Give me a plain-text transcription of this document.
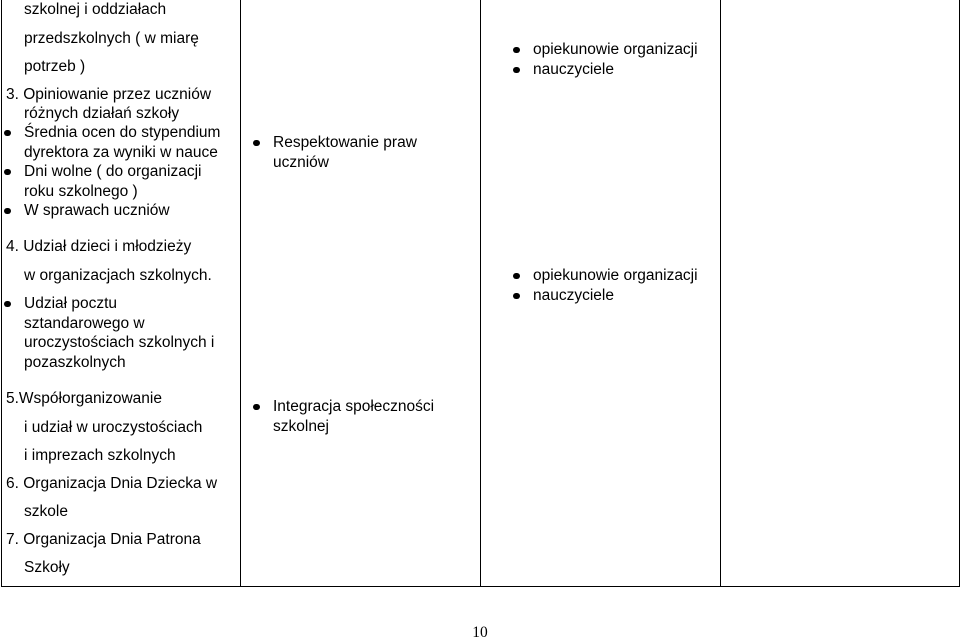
szkolnej i oddziałach
przedszkolnych ( w miarę
potrzeb )
3. Opiniowanie przez uczniów
różnych działań szkoły
Średnia ocen do stypendium
dyrektora za wyniki w nauce
Dni wolne ( do organizacji
roku szkolnego )
W sprawach uczniów
4. Udział dzieci i młodzieży
w organizacjach szkolnych.
Udział pocztu
sztandarowego w
uroczystościach szkolnych i
pozaszkolnych
5.Współorganizowanie
i udział w uroczystościach
i imprezach szkolnych
6. Organizacja Dnia Dziecka w
szkole
7. Organizacja Dnia Patrona
Szkoły
Respektowanie praw
uczniów
Integracja społeczności
szkolnej
opiekunowie organizacji
nauczyciele
opiekunowie organizacji
nauczyciele
10
